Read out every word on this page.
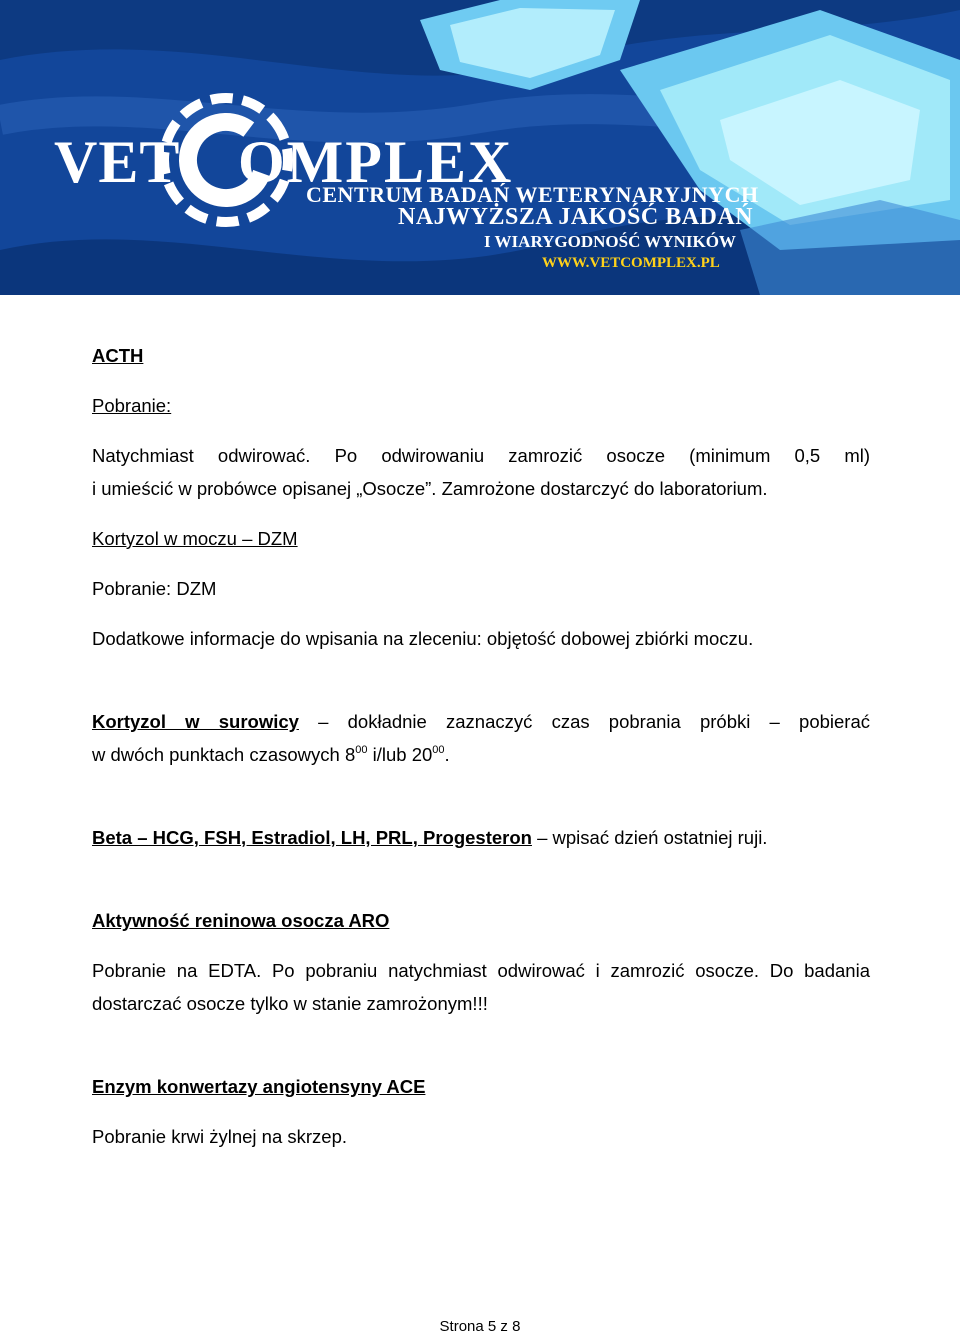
VET OMPLEX

CENTRUM BADAŃ WETERYNARYJNYCH

NAJWYŻSZA JAKOŚĆ BADAŃ

I WIARYGODNOŚĆ WYNIKÓW

WWW.VETCOMPLEX.PL

ACTH

Pobranie:

Natychmiast odwirować. Po odwirowaniu zamrozić osocze (minimum 0,5 ml)

i umieścić w probówce opisanej „Osocze”. Zamrożone dostarczyć do laboratorium.

Kortyzol w moczu – DZM

Pobranie: DZM

Dodatkowe informacje do wpisania na zleceniu: objętość dobowej zbiórki moczu.

Kortyzol w surowicy – dokładnie zaznaczyć czas pobrania próbki – pobierać

w dwóch punktach czasowych $8^{00}$ i/lub $20^{00}$.

Beta – HCG, FSH, Estradiol, LH, PRL, Progesteron – wpisać dzień ostatniej ruji.

Aktywność reninowa osocza ARO

Pobranie na EDTA. Po pobraniu natychmiast odwirować i zamrozić osocze. Do badania

dostarczać osocze tylko w stanie zamrożonym!!!

Enzym konwertazy angiotensyny ACE

Pobranie krwi żylnej na skrzep.

Strona 5 z 8
